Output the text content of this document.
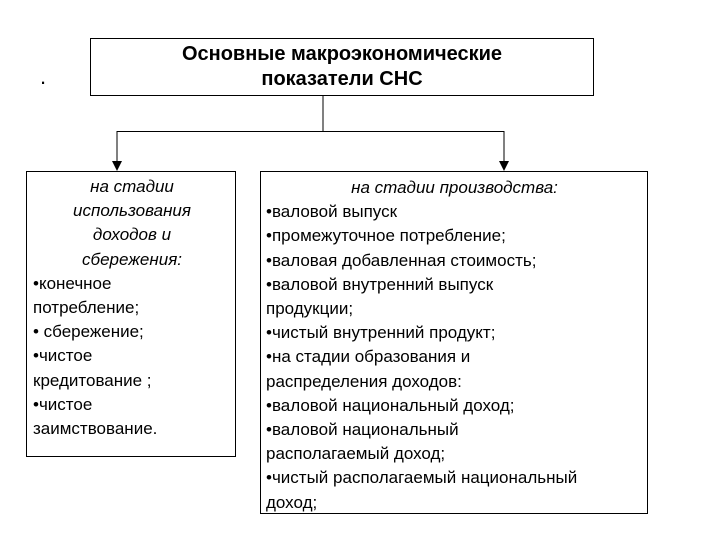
.
Основные макроэкономические
показатели СНС
на стадии
использования
доходов и
сбережения:
•конечное
потребление;
• сбережение;
•чистое
кредитование ;
•чистое
заимствование.
на стадии производства:
•валовой выпуск
•промежуточное потребление;
•валовая добавленная стоимость;
•валовой внутренний выпуск
продукции;
•чистый внутренний продукт;
•на стадии образования и
распределения доходов:
•валовой национальный доход;
•валовой национальный
располагаемый доход;
•чистый располагаемый национальный
доход;
